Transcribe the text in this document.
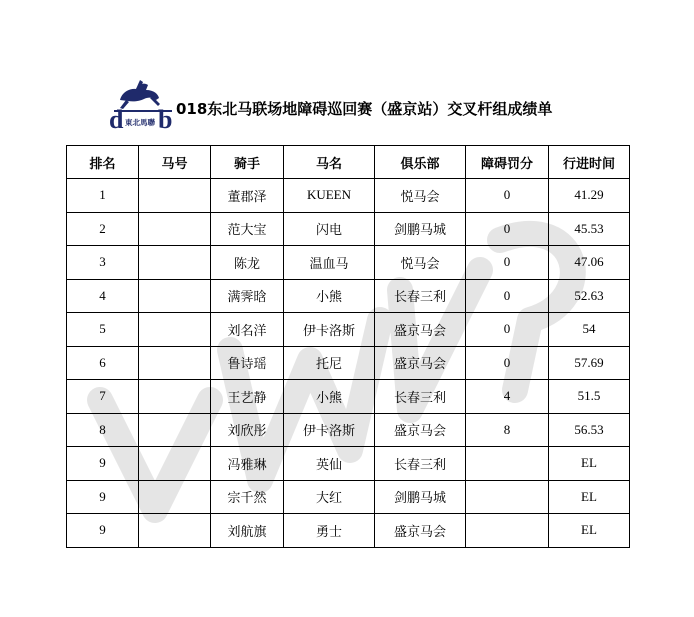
d b
東北馬聯
018东北马联场地障碍巡回赛（盛京站）交叉杆组成绩单
排名	马号	骑手	马名	俱乐部	障碍罚分	行进时间
1		董郡泽	KUEEN	悦马会	0	41.29
2		范大宝	闪电	剑鹏马城	0	45.53
3		陈龙	温血马	悦马会	0	47.06
4		满霁晗	小熊	长春三利	0	52.63
5		刘名洋	伊卡洛斯	盛京马会	0	54
6		鲁诗瑶	托尼	盛京马会	0	57.69
7		王艺静	小熊	长春三利	4	51.5
8		刘欣彤	伊卡洛斯	盛京马会	8	56.53
9		冯雅琳	英仙	长春三利		EL
9		宗千然	大红	剑鹏马城		EL
9		刘航旗	勇士	盛京马会		EL
